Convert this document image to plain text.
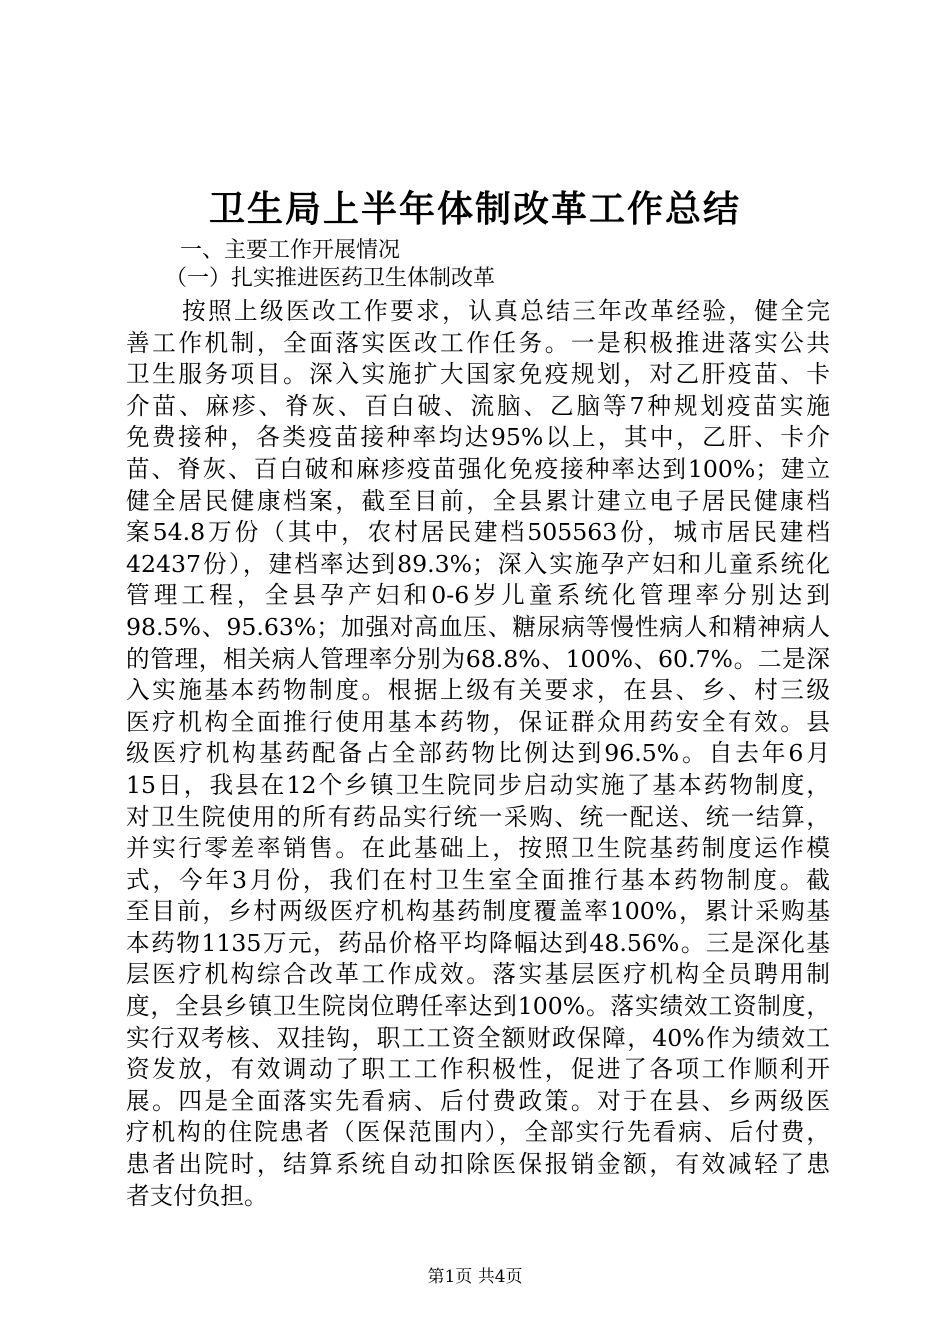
卫生局上半年体制改革工作总结
一、主要工作开展情况
（一）扎实推进医药卫生体制改革
按照上级医改工作要求，认真总结三年改革经验，健全完
善工作机制，全面落实医改工作任务。一是积极推进落实公共
卫生服务项目。深入实施扩大国家免疫规划，对乙肝疫苗、卡
介苗、麻疹、脊灰、百白破、流脑、乙脑等7种规划疫苗实施
免费接种，各类疫苗接种率均达95%以上，其中，乙肝、卡介
苗、脊灰、百白破和麻疹疫苗强化免疫接种率达到100%；建立
健全居民健康档案，截至目前，全县累计建立电子居民健康档
案54.8万份（其中，农村居民建档505563份，城市居民建档
42437份），建档率达到89.3%；深入实施孕产妇和儿童系统化
管理工程，全县孕产妇和0-6岁儿童系统化管理率分别达到
98.5%、95.63%；加强对高血压、糖尿病等慢性病人和精神病人
的管理，相关病人管理率分别为68.8%、100%、60.7%。二是深
入实施基本药物制度。根据上级有关要求，在县、乡、村三级
医疗机构全面推行使用基本药物，保证群众用药安全有效。县
级医疗机构基药配备占全部药物比例达到96.5%。自去年6月
15日，我县在12个乡镇卫生院同步启动实施了基本药物制度，
对卫生院使用的所有药品实行统一采购、统一配送、统一结算，
并实行零差率销售。在此基础上，按照卫生院基药制度运作模
式，今年3月份，我们在村卫生室全面推行基本药物制度。截
至目前，乡村两级医疗机构基药制度覆盖率100%，累计采购基
本药物1135万元，药品价格平均降幅达到48.56%。三是深化基
层医疗机构综合改革工作成效。落实基层医疗机构全员聘用制
度，全县乡镇卫生院岗位聘任率达到100%。落实绩效工资制度，
实行双考核、双挂钩，职工工资全额财政保障，40%作为绩效工
资发放，有效调动了职工工作积极性，促进了各项工作顺利开
展。四是全面落实先看病、后付费政策。对于在县、乡两级医
疗机构的住院患者（医保范围内），全部实行先看病、后付费，
患者出院时，结算系统自动扣除医保报销金额，有效减轻了患
者支付负担。
第1页 共4页
